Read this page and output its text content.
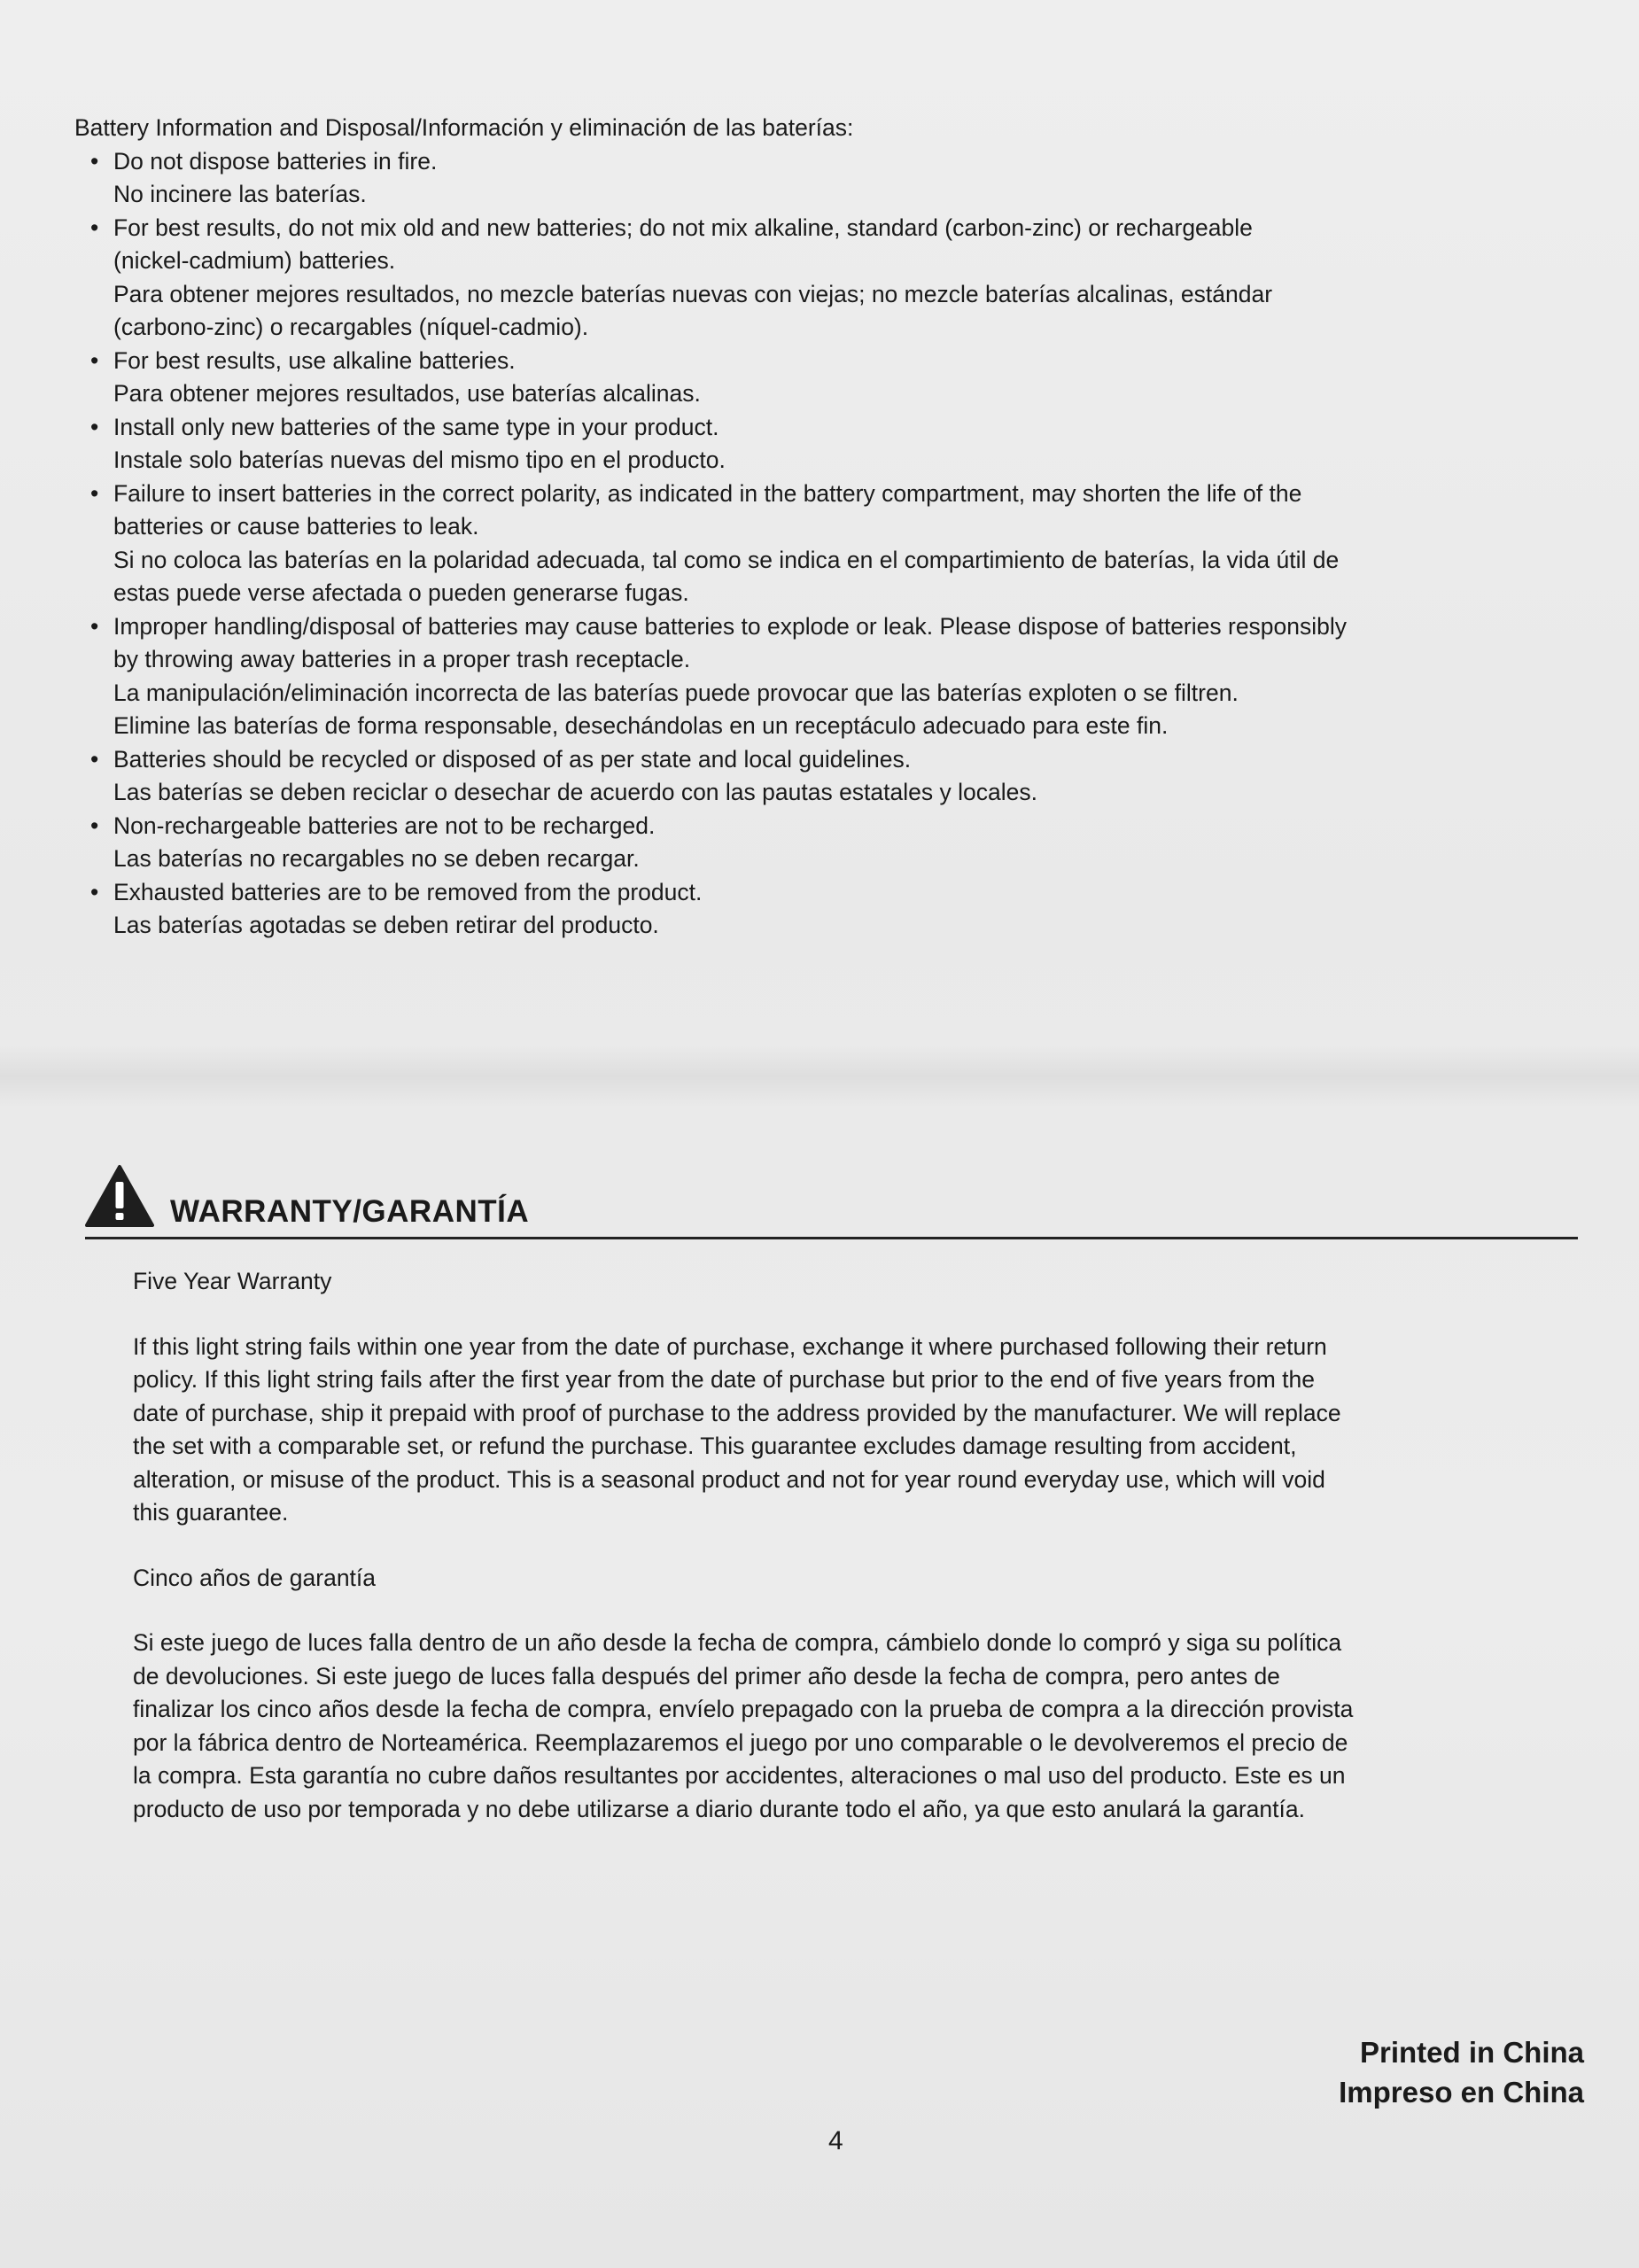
Battery Information and Disposal/Información y eliminación de las baterías:

• Do not dispose batteries in fire.
No incinere las baterías.
• For best results, do not mix old and new batteries; do not mix alkaline, standard (carbon-zinc) or rechargeable
(nickel-cadmium) batteries.
Para obtener mejores resultados, no mezcle baterías nuevas con viejas; no mezcle baterías alcalinas, estándar
(carbono-zinc) o recargables (níquel-cadmio).
• For best results, use alkaline batteries.
Para obtener mejores resultados, use baterías alcalinas.
• Install only new batteries of the same type in your product.
Instale solo baterías nuevas del mismo tipo en el producto.
• Failure to insert batteries in the correct polarity, as indicated in the battery compartment, may shorten the life of the
batteries or cause batteries to leak.
Si no coloca las baterías en la polaridad adecuada, tal como se indica en el compartimiento de baterías, la vida útil de
estas puede verse afectada o pueden generarse fugas.
• Improper handling/disposal of batteries may cause batteries to explode or leak. Please dispose of batteries responsibly
by throwing away batteries in a proper trash receptacle.
La manipulación/eliminación incorrecta de las baterías puede provocar que las baterías exploten o se filtren.
Elimine las baterías de forma responsable, desechándolas en un receptáculo adecuado para este fin.
• Batteries should be recycled or disposed of as per state and local guidelines.
Las baterías se deben reciclar o desechar de acuerdo con las pautas estatales y locales.
• Non-rechargeable batteries are not to be recharged.
Las baterías no recargables no se deben recargar.
• Exhausted batteries are to be removed from the product.
Las baterías agotadas se deben retirar del producto.
WARRANTY/GARANTÍA

Five Year Warranty

If this light string fails within one year from the date of purchase, exchange it where purchased following their return
policy. If this light string fails after the first year from the date of purchase but prior to the end of five years from the
date of purchase, ship it prepaid with proof of purchase to the address provided by the manufacturer. We will replace
the set with a comparable set, or refund the purchase. This guarantee excludes damage resulting from accident,
alteration, or misuse of the product. This is a seasonal product and not for year round everyday use, which will void
this guarantee.

Cinco años de garantía

Si este juego de luces falla dentro de un año desde la fecha de compra, cámbielo donde lo compró y siga su política
de devoluciones. Si este juego de luces falla después del primer año desde la fecha de compra, pero antes de
finalizar los cinco años desde la fecha de compra, envíelo prepagado con la prueba de compra a la dirección provista
por la fábrica dentro de Norteamérica. Reemplazaremos el juego por uno comparable o le devolveremos el precio de
la compra. Esta garantía no cubre daños resultantes por accidentes, alteraciones o mal uso del producto. Este es un
producto de uso por temporada y no debe utilizarse a diario durante todo el año, ya que esto anulará la garantía.

Printed in China
Impreso en China
4
